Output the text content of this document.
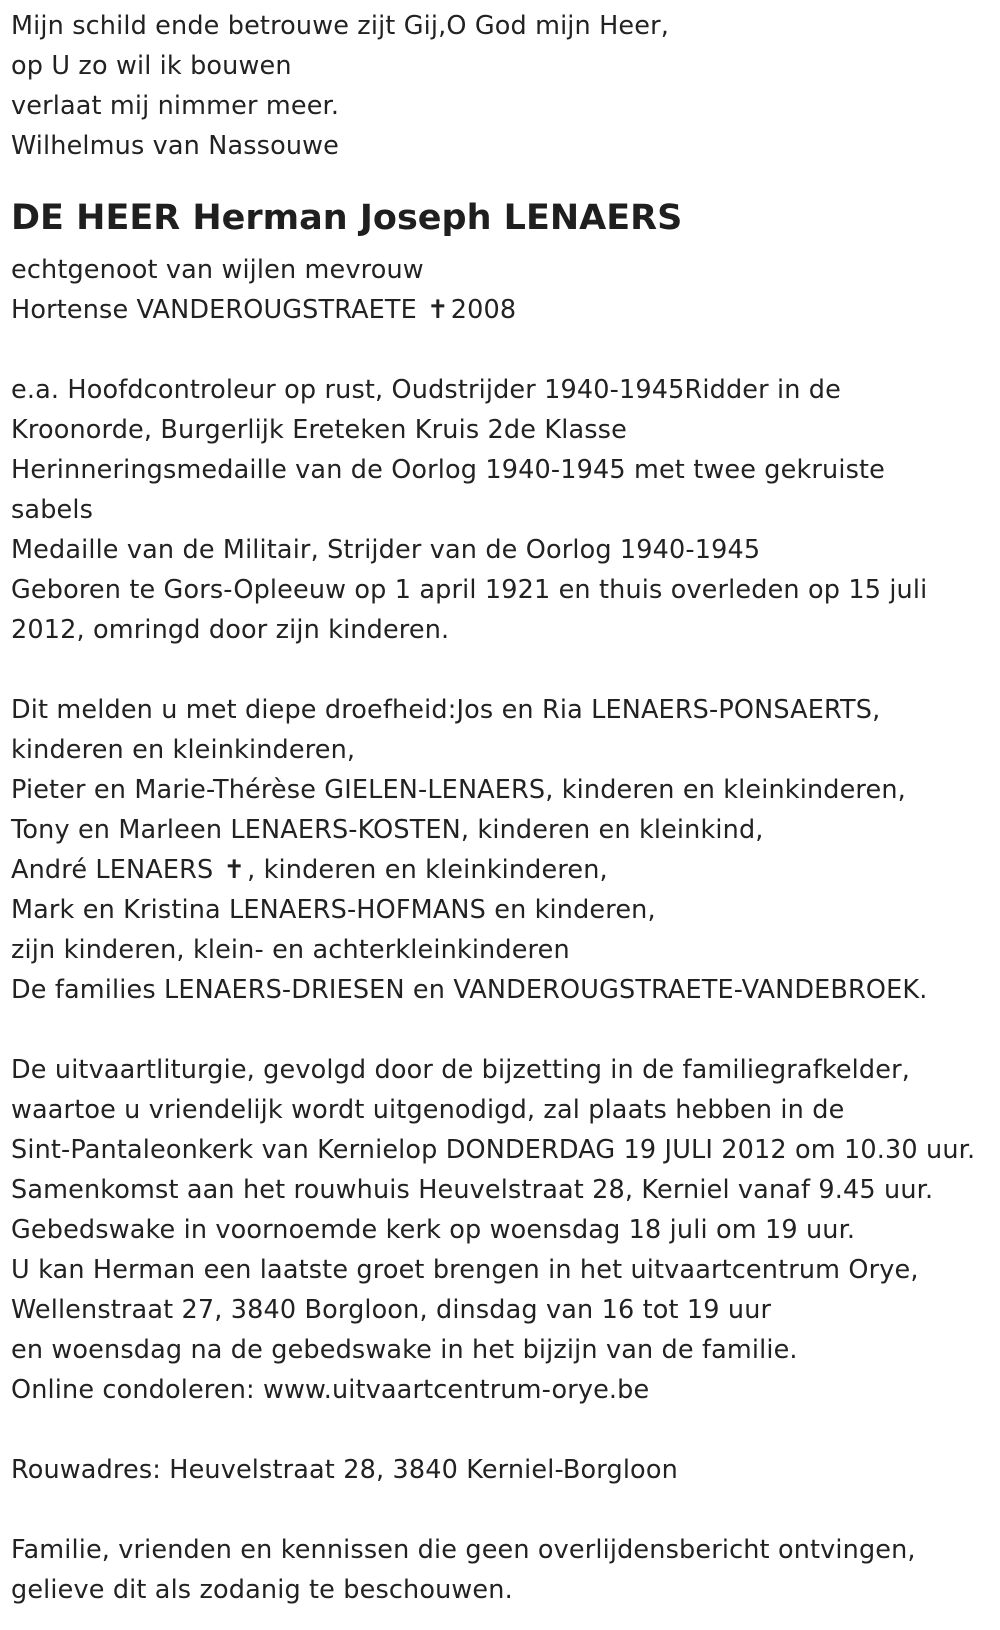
Mijn schild ende betrouwe zijt Gij,O God mijn Heer,
op U zo wil ik bouwen
verlaat mij nimmer meer.
Wilhelmus van Nassouwe
DE HEER Herman Joseph LENAERS
echtgenoot van wijlen mevrouw
Hortense VANDEROUGSTRAETE ✝2008
e.a. Hoofdcontroleur op rust, Oudstrijder 1940-1945Ridder in de
Kroonorde, Burgerlijk Ereteken Kruis 2de Klasse
Herinneringsmedaille van de Oorlog 1940-1945 met twee gekruiste
sabels
Medaille van de Militair, Strijder van de Oorlog 1940-1945
Geboren te Gors-Opleeuw op 1 april 1921 en thuis overleden op 15 juli
2012, omringd door zijn kinderen.
Dit melden u met diepe droefheid:Jos en Ria LENAERS-PONSAERTS,
kinderen en kleinkinderen,
Pieter en Marie-Thérèse GIELEN-LENAERS, kinderen en kleinkinderen,
Tony en Marleen LENAERS-KOSTEN, kinderen en kleinkind,
André LENAERS ✝, kinderen en kleinkinderen,
Mark en Kristina LENAERS-HOFMANS en kinderen,
zijn kinderen, klein- en achterkleinkinderen
De families LENAERS-DRIESEN en VANDEROUGSTRAETE-VANDEBROEK.
De uitvaartliturgie, gevolgd door de bijzetting in de familiegrafkelder,
waartoe u vriendelijk wordt uitgenodigd, zal plaats hebben in de
Sint-Pantaleonkerk van Kernielop DONDERDAG 19 JULI 2012 om 10.30 uur.
Samenkomst aan het rouwhuis Heuvelstraat 28, Kerniel vanaf 9.45 uur.
Gebedswake in voornoemde kerk op woensdag 18 juli om 19 uur.
U kan Herman een laatste groet brengen in het uitvaartcentrum Orye,
Wellenstraat 27, 3840 Borgloon, dinsdag van 16 tot 19 uur
en woensdag na de gebedswake in het bijzijn van de familie.
Online condoleren: www.uitvaartcentrum-orye.be
Rouwadres: Heuvelstraat 28, 3840 Kerniel-Borgloon
Familie, vrienden en kennissen die geen overlijdensbericht ontvingen,
gelieve dit als zodanig te beschouwen.
